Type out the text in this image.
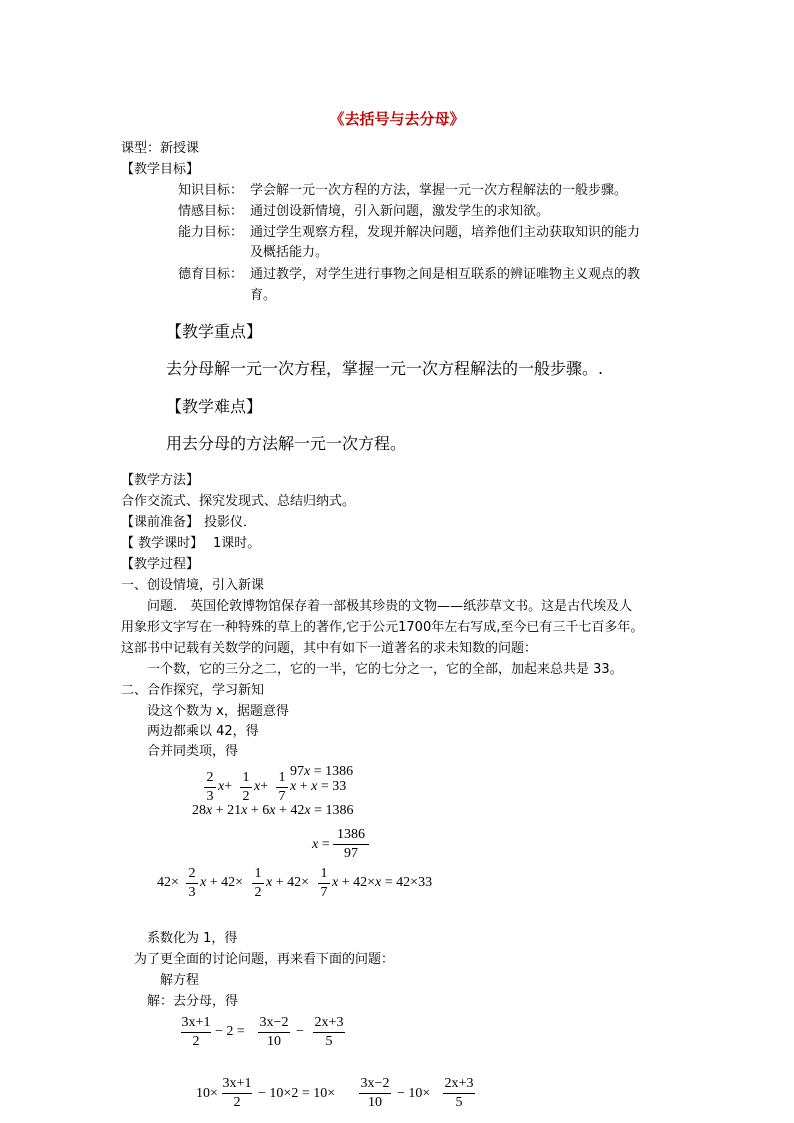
《去括号与去分母》
课型：新授课
【教学目标】
知识目标： 学会解一元一次方程的方法，掌握一元一次方程解法的一般步骤。
情感目标： 通过创设新情境，引入新问题，激发学生的求知欲。
能力目标： 通过学生观察方程，发现并解决问题，培养他们主动获取知识的能力
及概括能力。
德育目标： 通过教学，对学生进行事物之间是相互联系的辨证唯物主义观点的教
育。
【教学重点】
去分母解一元一次方程，掌握一元一次方程解法的一般步骤。.
【教学难点】
用去分母的方法解一元一次方程。
【教学方法】
合作交流式、探究发现式、总结归纳式。
【课前准备】 投影仪．
【 教学课时】 1课时。
【教学过程】
一、创设情境，引入新课
问题.　英国伦敦博物馆保存着一部极其珍贵的文物——纸莎草文书。这是古代埃及人
用象形文字写在一种特殊的草上的著作,它于公元1700年左右写成,至今已有三千七百多年。
这部书中记载有关数学的问题，其中有如下一道著名的求未知数的问题：
一个数，它的三分之二，它的一半，它的七分之一，它的全部，加起来总共是 33。
二、合作探究，学习新知
设这个数为 x，据题意得
两边都乘以 42，得
合并同类项，得
97x = 1386
2
3
x+
1
2
x+
1
7
x + x = 33
28x + 21x + 6x + 42x = 1386
x =
1386
97
42×
2
3
x + 42×
1
2
x + 42×
1
7
x + 42×x = 42×33
系数化为 1，得
为了更全面的讨论问题，再来看下面的问题：
解方程
解：去分母，得
3x+1
2
− 2 =
3x−2
10
−
2x+3
5
10×
3x+1
2
− 10×2 = 10×
3x−2
10
− 10×
2x+3
5
